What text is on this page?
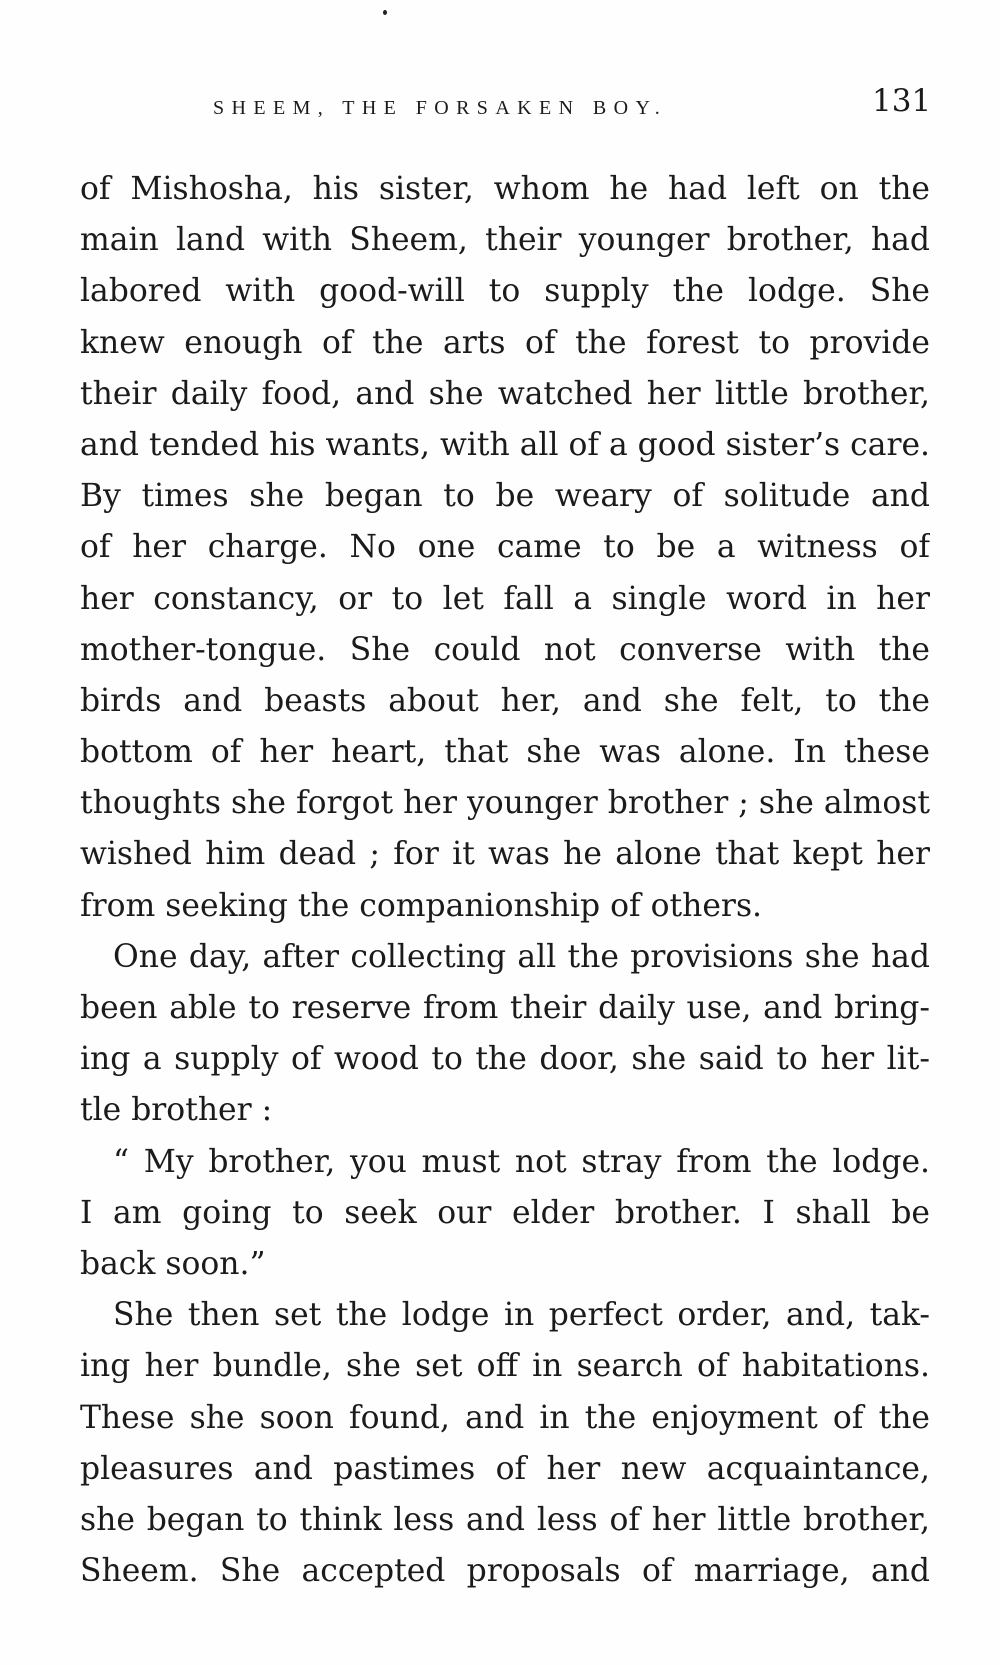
SHEEM, THE FORSAKEN BOY.	131
of Mishosha, his sister, whom he had left on the
main land with Sheem, their younger brother, had
labored with good-will to supply the lodge. She
knew enough of the arts of the forest to provide
their daily food, and she watched her little brother,
and tended his wants, with all of a good sister’s care.
By times she began to be weary of solitude and
of her charge. No one came to be a witness of
her constancy, or to let fall a single word in her
mother-tongue. She could not converse with the
birds and beasts about her, and she felt, to the
bottom of her heart, that she was alone. In these
thoughts she forgot her younger brother ; she almost
wished him dead ; for it was he alone that kept her
from seeking the companionship of others.
One day, after collecting all the provisions she had
been able to reserve from their daily use, and bring-
ing a supply of wood to the door, she said to her lit-
tle brother :
“ My brother, you must not stray from the lodge.
I am going to seek our elder brother. I shall be
back soon.”
She then set the lodge in perfect order, and, tak-
ing her bundle, she set off in search of habitations.
These she soon found, and in the enjoyment of the
pleasures and pastimes of her new acquaintance,
she began to think less and less of her little brother,
Sheem. She accepted proposals of marriage, and
